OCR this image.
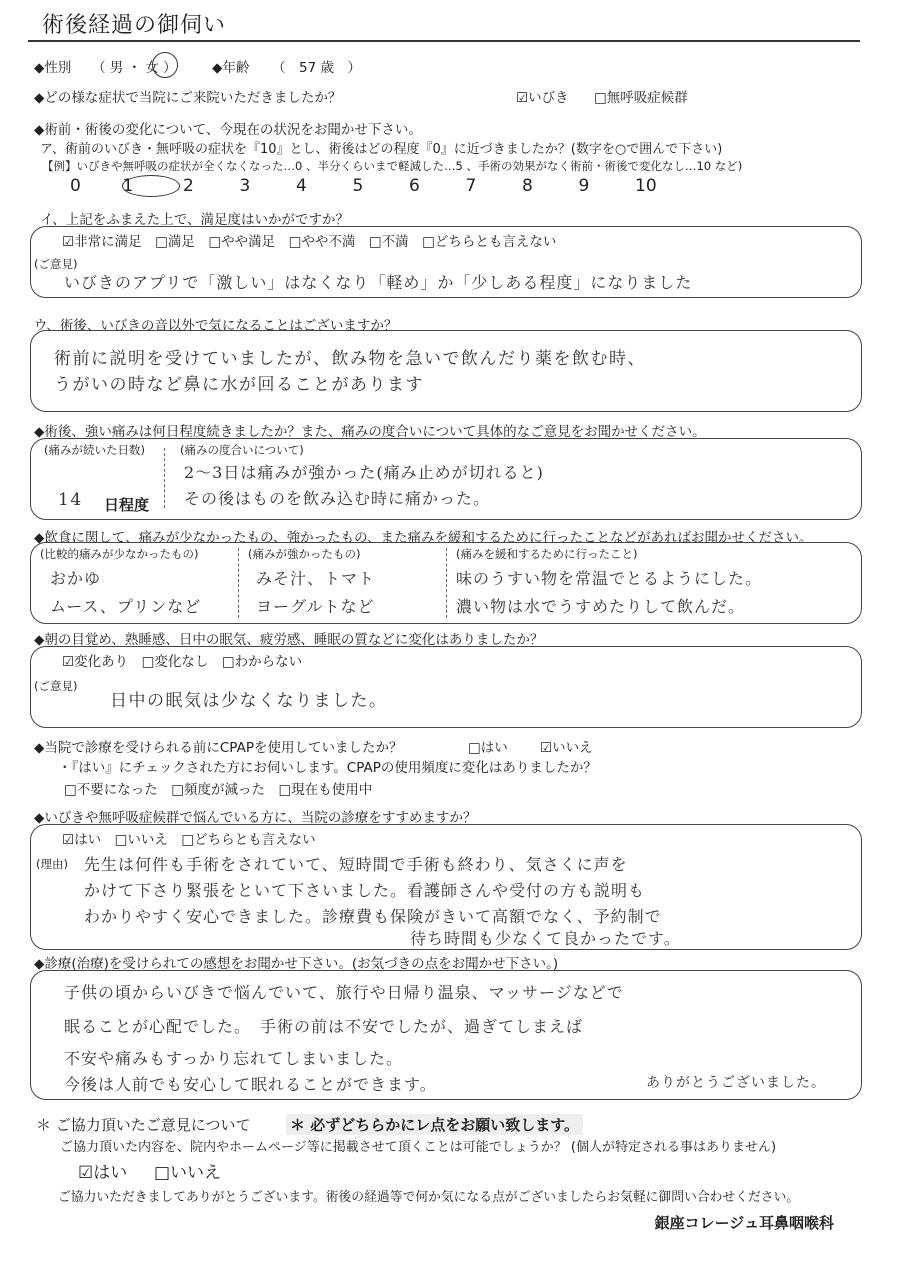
術後経過の御伺い
◆性別 （ 男 ・ 女 ）	◆年齢 （　57 歳　）
◆どの様な症状で当院にご来院いただきましたか？	☑いびき □無呼吸症候群
◆術前・術後の変化について、今現在の状況をお聞かせ下さい。
ア、術前のいびき・無呼吸の症状を『10』とし、術後はどの程度『0』に近づきましたか？(数字を○で囲んで下さい)
【例】いびきや無呼吸の症状が全くなくなった…0 、半分くらいまで軽減した…5 、手術の効果がなく術前・術後で変化なし…10 など)
0 1	2	3	4	5	6	7	8	9	10
イ、上記をふまえた上で、満足度はいかがですか？
☑非常に満足　□満足　□やや満足　□やや不満　□不満　□どちらとも言えない
(ご意見)
いびきのアプリで「激しい」はなくなり「軽め」か「少しある程度」になりました
ウ、術後、いびきの音以外で気になることはございますか？
術前に説明を受けていましたが、飲み物を急いで飲んだり薬を飲む時、
うがいの時など鼻に水が回ることがあります
◆術後、強い痛みは何日程度続きましたか？また、痛みの度合いについて具体的なご意見をお聞かせください。
(痛みが続いた日数)
14 日程度
(痛みの度合いについて)
2〜3日は痛みが強かった(痛み止めが切れると)
その後はものを飲み込む時に痛かった。
◆飲食に関して、痛みが少なかったもの、強かったもの、また痛みを緩和するために行ったことなどがあればお聞かせください。
(比較的痛みが少なかったもの)
おかゆ
ムース、プリンなど
(痛みが強かったもの)
みそ汁、トマト
ヨーグルトなど
(痛みを緩和するために行ったこと)
味のうすい物を常温でとるようにした。
濃い物は水でうすめたりして飲んだ。
◆朝の目覚め、熟睡感、日中の眠気、疲労感、睡眠の質などに変化はありましたか？
☑変化あり　□変化なし　□わからない
(ご意見)
日中の眠気は少なくなりました。
◆当院で診療を受けられる前にCPAPを使用していましたか？	□はい ☑いいえ
・『はい』にチェックされた方にお伺いします。CPAPの使用頻度に変化はありましたか？
□不要になった　□頻度が減った　□現在も使用中
◆いびきや無呼吸症候群で悩んでいる方に、当院の診療をすすめますか？
☑はい　□いいえ　□どちらとも言えない
(理由) 先生は何件も手術をされていて、短時間で手術も終わり、気さくに声を
かけて下さり緊張をといて下さいました。看護師さんや受付の方も説明も
わかりやすく安心できました。診療費も保険がきいて高額でなく、予約制で
待ち時間も少なくて良かったです。
◆診療(治療)を受けられての感想をお聞かせ下さい。(お気づきの点をお聞かせ下さい。)
子供の頃からいびきで悩んでいて、旅行や日帰り温泉、マッサージなどで
眠ることが心配でした。　手術の前は不安でしたが、過ぎてしまえば
不安や痛みもすっかり忘れてしまいました。
今後は人前でも安心して眠れることができます。	ありがとうございました。
＊ ご協力頂いたご意見について	＊ 必ずどちらかにレ点をお願い致します。
ご協力頂いた内容を、院内やホームページ等に掲載させて頂くことは可能でしょうか？ (個人が特定される事はありません)
☑はい □いいえ
ご協力いただきましてありがとうございます。術後の経過等で何か気になる点がございましたらお気軽に御問い合わせください。
銀座コレージュ耳鼻咽喉科
